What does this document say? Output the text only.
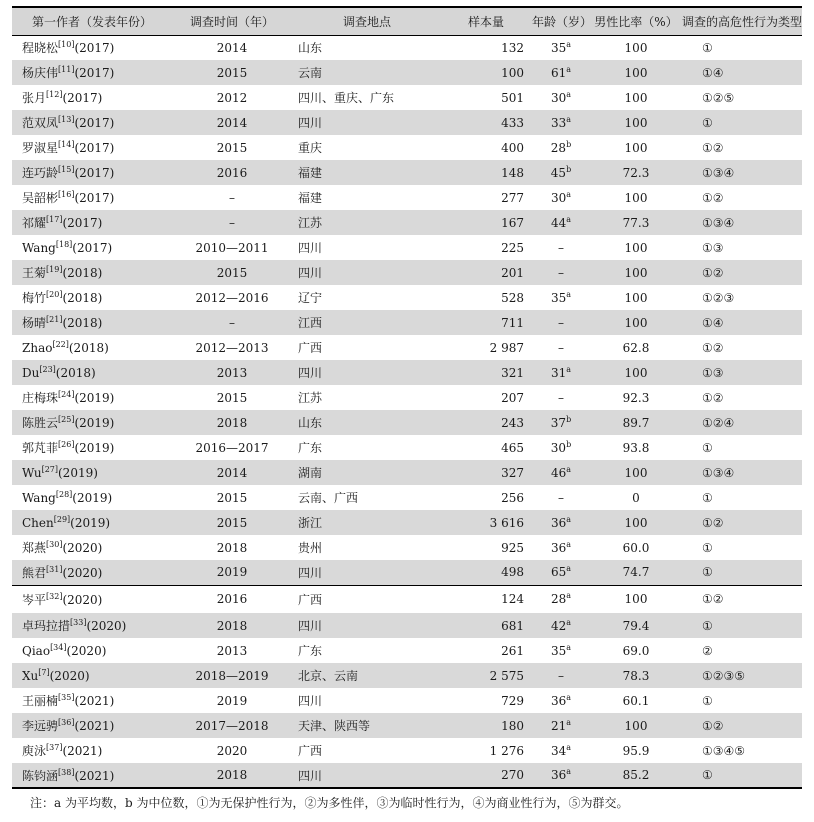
第一作者（发表年份）	调查时间（年）	调查地点	样本量	年龄（岁）	男性比率（%）	调查的高危性行为类型
程晓松[10](2017)	2014	山东	132	35$^a$	100	①
杨庆伟[11](2017)	2015	云南	100	61$^a$	100	①④
张月[12](2017)	2012	四川、重庆、广东	501	30$^a$	100	①②⑤
范双凤[13](2017)	2014	四川	433	33$^a$	100	①
罗淑星[14](2017)	2015	重庆	400	28$^b$	100	①②
连巧龄[15](2017)	2016	福建	148	45$^b$	72.3	①③④
吴韶彬[16](2017)	–	福建	277	30$^a$	100	①②
祁耀[17](2017)	–	江苏	167	44$^a$	77.3	①③④
Wang[18](2017)	2010—2011	四川	225	–	100	①③
王菊[19](2018)	2015	四川	201	–	100	①②
梅竹[20](2018)	2012—2016	辽宁	528	35$^a$	100	①②③
杨晴[21](2018)	–	江西	711	–	100	①④
Zhao[22](2018)	2012—2013	广西	2 987	–	62.8	①②
Du[23](2018)	2013	四川	321	31$^a$	100	①③
庄梅珠[24](2019)	2015	江苏	207	–	92.3	①②
陈胜云[25](2019)	2018	山东	243	37$^b$	89.7	①②④
郭芃菲[26](2019)	2016—2017	广东	465	30$^b$	93.8	①
Wu[27](2019)	2014	湖南	327	46$^a$	100	①③④
Wang[28](2019)	2015	云南、广西	256	–	0	①
Chen[29](2019)	2015	浙江	3 616	36$^a$	100	①②
郑燕[30](2020)	2018	贵州	925	36$^a$	60.0	①
熊君[31](2020)	2019	四川	498	65$^a$	74.7	①
岑平[32](2020)	2016	广西	124	28$^a$	100	①②
卓玛拉措[33](2020)	2018	四川	681	42$^a$	79.4	①
Qiao[34](2020)	2013	广东	261	35$^a$	69.0	②
Xu[7](2020)	2018—2019	北京、云南	2 575	–	78.3	①②③⑤
王丽楠[35](2021)	2019	四川	729	36$^a$	60.1	①
李远骋[36](2021)	2017—2018	天津、陕西等	180	21$^a$	100	①②
庾泳[37](2021)	2020	广西	1 276	34$^a$	95.9	①③④⑤
陈钧涵[38](2021)	2018	四川	270	36$^a$	85.2	①
注：a 为平均数，b 为中位数，①为无保护性行为，②为多性伴，③为临时性行为，④为商业性行为，⑤为群交。
